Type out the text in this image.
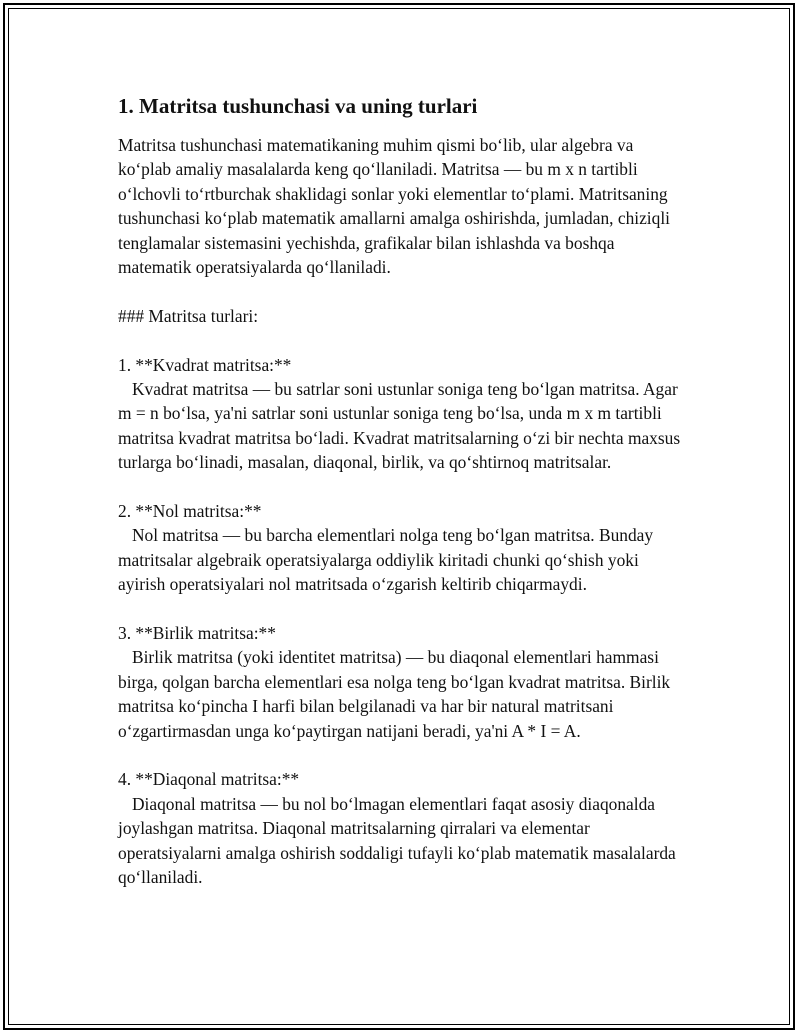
1. Matritsa tushunchasi va uning turlari

Matritsa tushunchasi matematikaning muhim qismi bo‘lib, ular algebra va ko‘plab amaliy masalalarda keng qo‘llaniladi. Matritsa — bu m x n tartibli o‘lchovli to‘rtburchak shaklidagi sonlar yoki elementlar to‘plami. Matritsaning tushunchasi ko‘plab matematik amallarni amalga oshirishda, jumladan, chiziqli tenglamalar sistemasini yechishda, grafikalar bilan ishlashda va boshqa matematik operatsiyalarda qo‘llaniladi.

### Matritsa turlari:

1. **Kvadrat matritsa:**

Kvadrat matritsa — bu satrlar soni ustunlar soniga teng bo‘lgan matritsa. Agar m = n bo‘lsa, ya'ni satrlar soni ustunlar soniga teng bo‘lsa, unda m x m tartibli matritsa kvadrat matritsa bo‘ladi. Kvadrat matritsalarning o‘zi bir nechta maxsus turlarga bo‘linadi, masalan, diaqonal, birlik, va qo‘shtirnoq matritsalar.

2. **Nol matritsa:**

Nol matritsa — bu barcha elementlari nolga teng bo‘lgan matritsa. Bunday matritsalar algebraik operatsiyalarga oddiylik kiritadi chunki qo‘shish yoki ayirish operatsiyalari nol matritsada o‘zgarish keltirib chiqarmaydi.

3. **Birlik matritsa:**

Birlik matritsa (yoki identitet matritsa) — bu diaqonal elementlari hammasi birga, qolgan barcha elementlari esa nolga teng bo‘lgan kvadrat matritsa. Birlik matritsa ko‘pincha I harfi bilan belgilanadi va har bir natural matritsani o‘zgartirmasdan unga ko‘paytirgan natijani beradi, ya'ni A * I = A.

4. **Diaqonal matritsa:**

Diaqonal matritsa — bu nol bo‘lmagan elementlari faqat asosiy diaqonalda joylashgan matritsa. Diaqonal matritsalarning qirralari va elementar operatsiyalarni amalga oshirish soddaligi tufayli ko‘plab matematik masalalarda qo‘llaniladi.
